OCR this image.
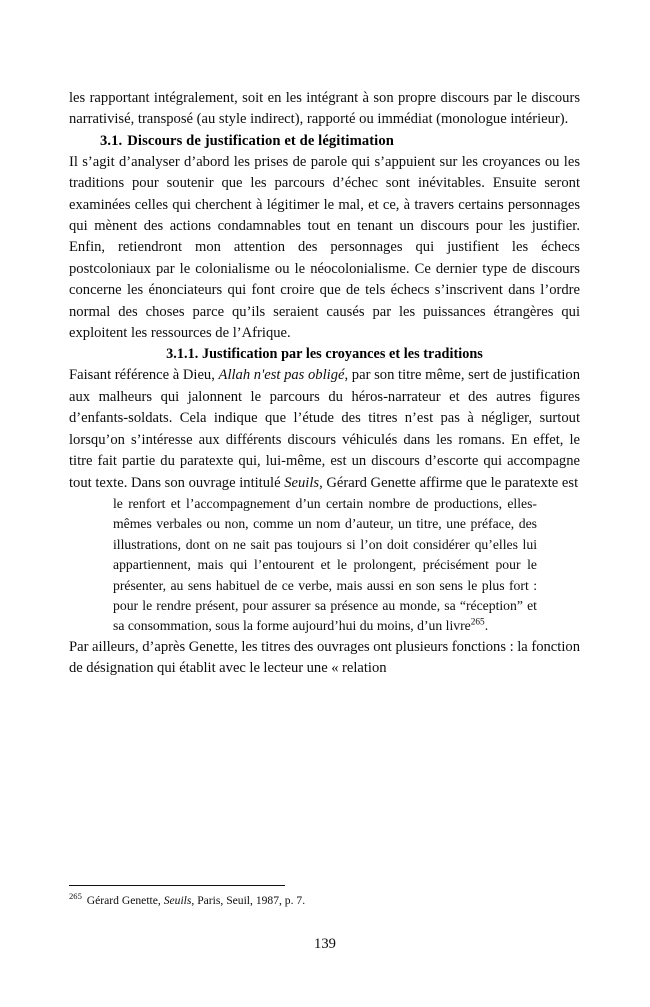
les rapportant intégralement, soit en les intégrant à son propre discours par le discours narrativisé, transposé (au style indirect), rapporté ou immédiat (monologue intérieur).

3.1. Discours de justification et de légitimation

Il s’agit d’analyser d’abord les prises de parole qui s’appuient sur les croyances ou les traditions pour soutenir que les parcours d’échec sont inévitables. Ensuite seront examinées celles qui cherchent à légitimer le mal, et ce, à travers certains personnages qui mènent des actions condamnables tout en tenant un discours pour les justifier. Enfin, retiendront mon attention des personnages qui justifient les échecs postcoloniaux par le colonialisme ou le néocolonialisme. Ce dernier type de discours concerne les énonciateurs qui font croire que de tels échecs s’inscrivent dans l’ordre normal des choses parce qu’ils seraient causés par les puissances étrangères qui exploitent les ressources de l’Afrique.

3.1.1. Justification par les croyances et les traditions

Faisant référence à Dieu, Allah n'est pas obligé, par son titre même, sert de justification aux malheurs qui jalonnent le parcours du héros-narrateur et des autres figures d’enfants-soldats. Cela indique que l’étude des titres n’est pas à négliger, surtout lorsqu’on s’intéresse aux différents discours véhiculés dans les romans. En effet, le titre fait partie du paratexte qui, lui-même, est un discours d’escorte qui accompagne tout texte. Dans son ouvrage intitulé Seuils, Gérard Genette affirme que le paratexte est

le renfort et l’accompagnement d’un certain nombre de productions, elles-mêmes verbales ou non, comme un nom d’auteur, un titre, une préface, des illustrations, dont on ne sait pas toujours si l’on doit considérer qu’elles lui appartiennent, mais qui l’entourent et le prolongent, précisément pour le présenter, au sens habituel de ce verbe, mais aussi en son sens le plus fort : pour le rendre présent, pour assurer sa présence au monde, sa “réception” et sa consommation, sous la forme aujourd’hui du moins, d’un livre$^{265}$.

Par ailleurs, d’après Genette, les titres des ouvrages ont plusieurs fonctions : la fonction de désignation qui établit avec le lecteur une « relation

$^{265}$ Gérard Genette, Seuils, Paris, Seuil, 1987, p. 7.

139
